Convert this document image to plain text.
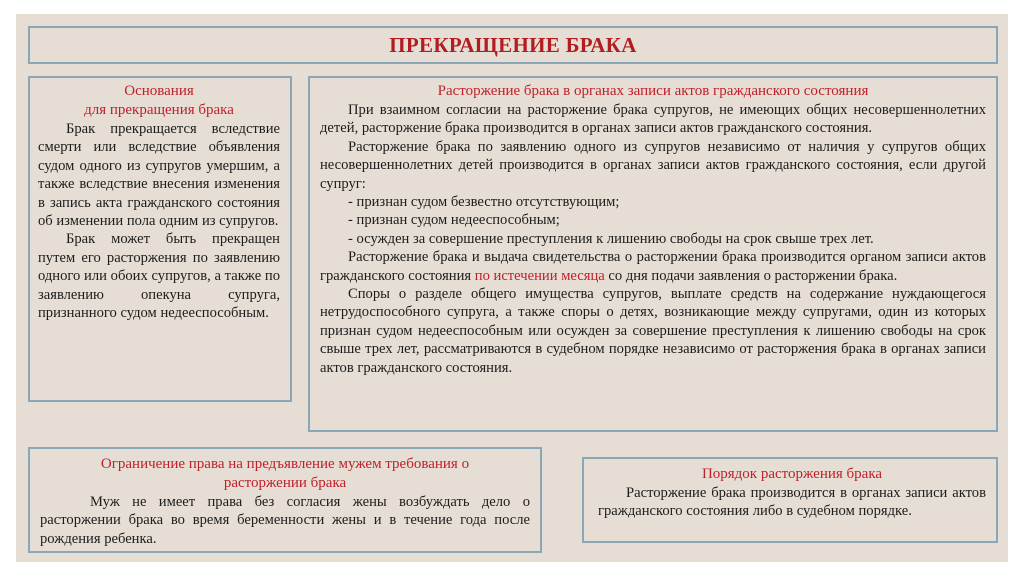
ПРЕКРАЩЕНИЕ БРАКА
Основания
для прекращения брака

Брак прекращается вследствие смерти или вследствие объявления судом одного из супругов умершим, а также вследствие внесения изменения в запись акта гражданского состояния об изменении пола одним из супругов.

Брак может быть прекращен путем его расторжения по заявлению одного или обоих супругов, а также по заявлению опекуна супруга, признанного судом недееспособным.

Расторжение брака в органах записи актов гражданского состояния

При взаимном согласии на расторжение брака супругов, не имеющих общих несовершеннолетних детей, расторжение брака производится в органах записи актов гражданского состояния.

Расторжение брака по заявлению одного из супругов независимо от наличия у супругов общих несовершеннолетних детей производится в органах записи актов гражданского состояния, если другой супруг:

- признан судом безвестно отсутствующим;

- признан судом недееспособным;

- осужден за совершение преступления к лишению свободы на срок свыше трех лет.

Расторжение брака и выдача свидетельства о расторжении брака производится органом записи актов гражданского состояния по истечении месяца со дня подачи заявления о расторжении брака.

Споры о разделе общего имущества супругов, выплате средств на содержание нуждающегося нетрудоспособного супруга, а также споры о детях, возникающие между супругами, один из которых признан судом недееспособным или осужден за совершение преступления к лишению свободы на срок свыше трех лет, рассматриваются в судебном порядке независимо от расторжения брака в органах записи актов гражданского состояния.

Ограничение права на предъявление мужем требования о
расторжении брака

Муж не имеет права без согласия жены возбуждать дело о расторжении брака во время беременности жены и в течение года после рождения ребенка.

Порядок расторжения брака

Расторжение брака производится в органах записи актов гражданского состояния либо в судебном порядке.
